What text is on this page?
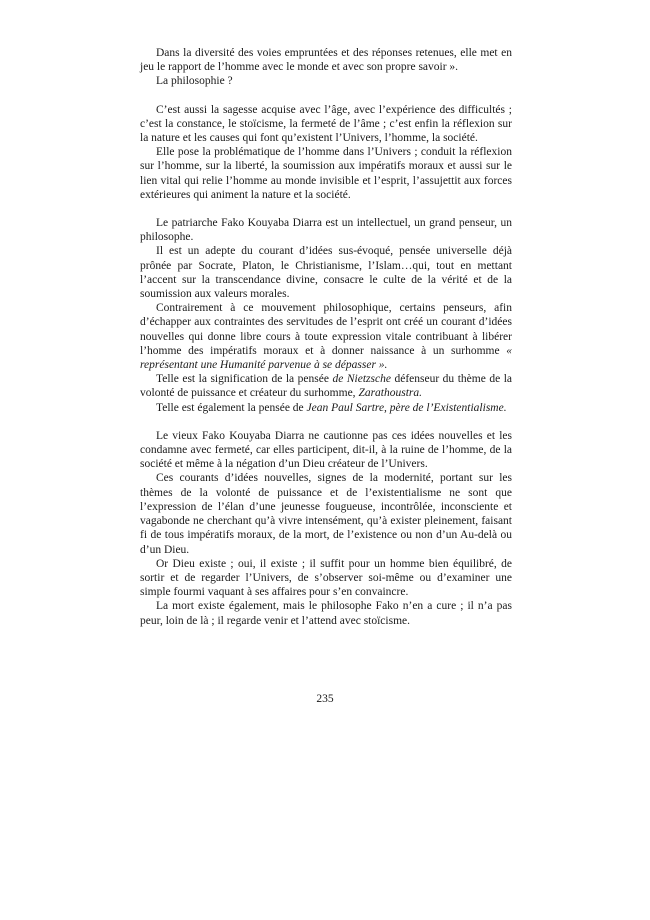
Dans la diversité des voies empruntées et des réponses retenues, elle met en jeu le rapport de l’homme avec le monde et avec son propre savoir ».

La philosophie ?

C’est aussi la sagesse acquise avec l’âge, avec l’expérience des difficultés ; c’est la constance, le stoïcisme, la fermeté de l’âme ; c’est enfin la réflexion sur la nature et les causes qui font qu’existent l’Univers, l’homme, la société.

Elle pose la problématique de l’homme dans l’Univers ; conduit la réflexion sur l’homme, sur la liberté, la soumission aux impératifs moraux et aussi sur le lien vital qui relie l’homme au monde invisible et l’esprit, l’assujettit aux forces extérieures qui animent la nature et la société.

Le patriarche Fako Kouyaba Diarra est un intellectuel, un grand penseur, un philosophe.

Il est un adepte du courant d’idées sus-évoqué, pensée universelle déjà prônée par Socrate, Platon, le Christianisme, l’Islam…qui, tout en mettant l’accent sur la transcendance divine, consacre le culte de la vérité et de la soumission aux valeurs morales.

Contrairement à ce mouvement philosophique, certains penseurs, afin d’échapper aux contraintes des servitudes de l’esprit ont créé un courant d’idées nouvelles qui donne libre cours à toute expression vitale contribuant à libérer l’homme des impératifs moraux et à donner naissance à un surhomme « représentant une Humanité parvenue à se dépasser ».

Telle est la signification de la pensée de Nietzsche défenseur du thème de la volonté de puissance et créateur du surhomme, Zarathoustra.

Telle est également la pensée de Jean Paul Sartre, père de l’Existentialisme.

Le vieux Fako Kouyaba Diarra ne cautionne pas ces idées nouvelles et les condamne avec fermeté, car elles participent, dit-il, à la ruine de l’homme, de la société et même à la négation d’un Dieu créateur de l’Univers.

Ces courants d’idées nouvelles, signes de la modernité, portant sur les thèmes de la volonté de puissance et de l’existentialisme ne sont que l’expression de l’élan d’une jeunesse fougueuse, incontrôlée, inconsciente et vagabonde ne cherchant qu’à vivre intensément, qu’à exister pleinement, faisant fi de tous impératifs moraux, de la mort, de l’existence ou non d’un Au-delà ou d’un Dieu.

Or Dieu existe ; oui, il existe ; il suffit pour un homme bien équilibré, de sortir et de regarder l’Univers, de s’observer soi-même ou d’examiner une simple fourmi vaquant à ses affaires pour s’en convaincre.

La mort existe également, mais le philosophe Fako n’en a cure ; il n’a pas peur, loin de là ; il regarde venir et l’attend avec stoïcisme.

235
